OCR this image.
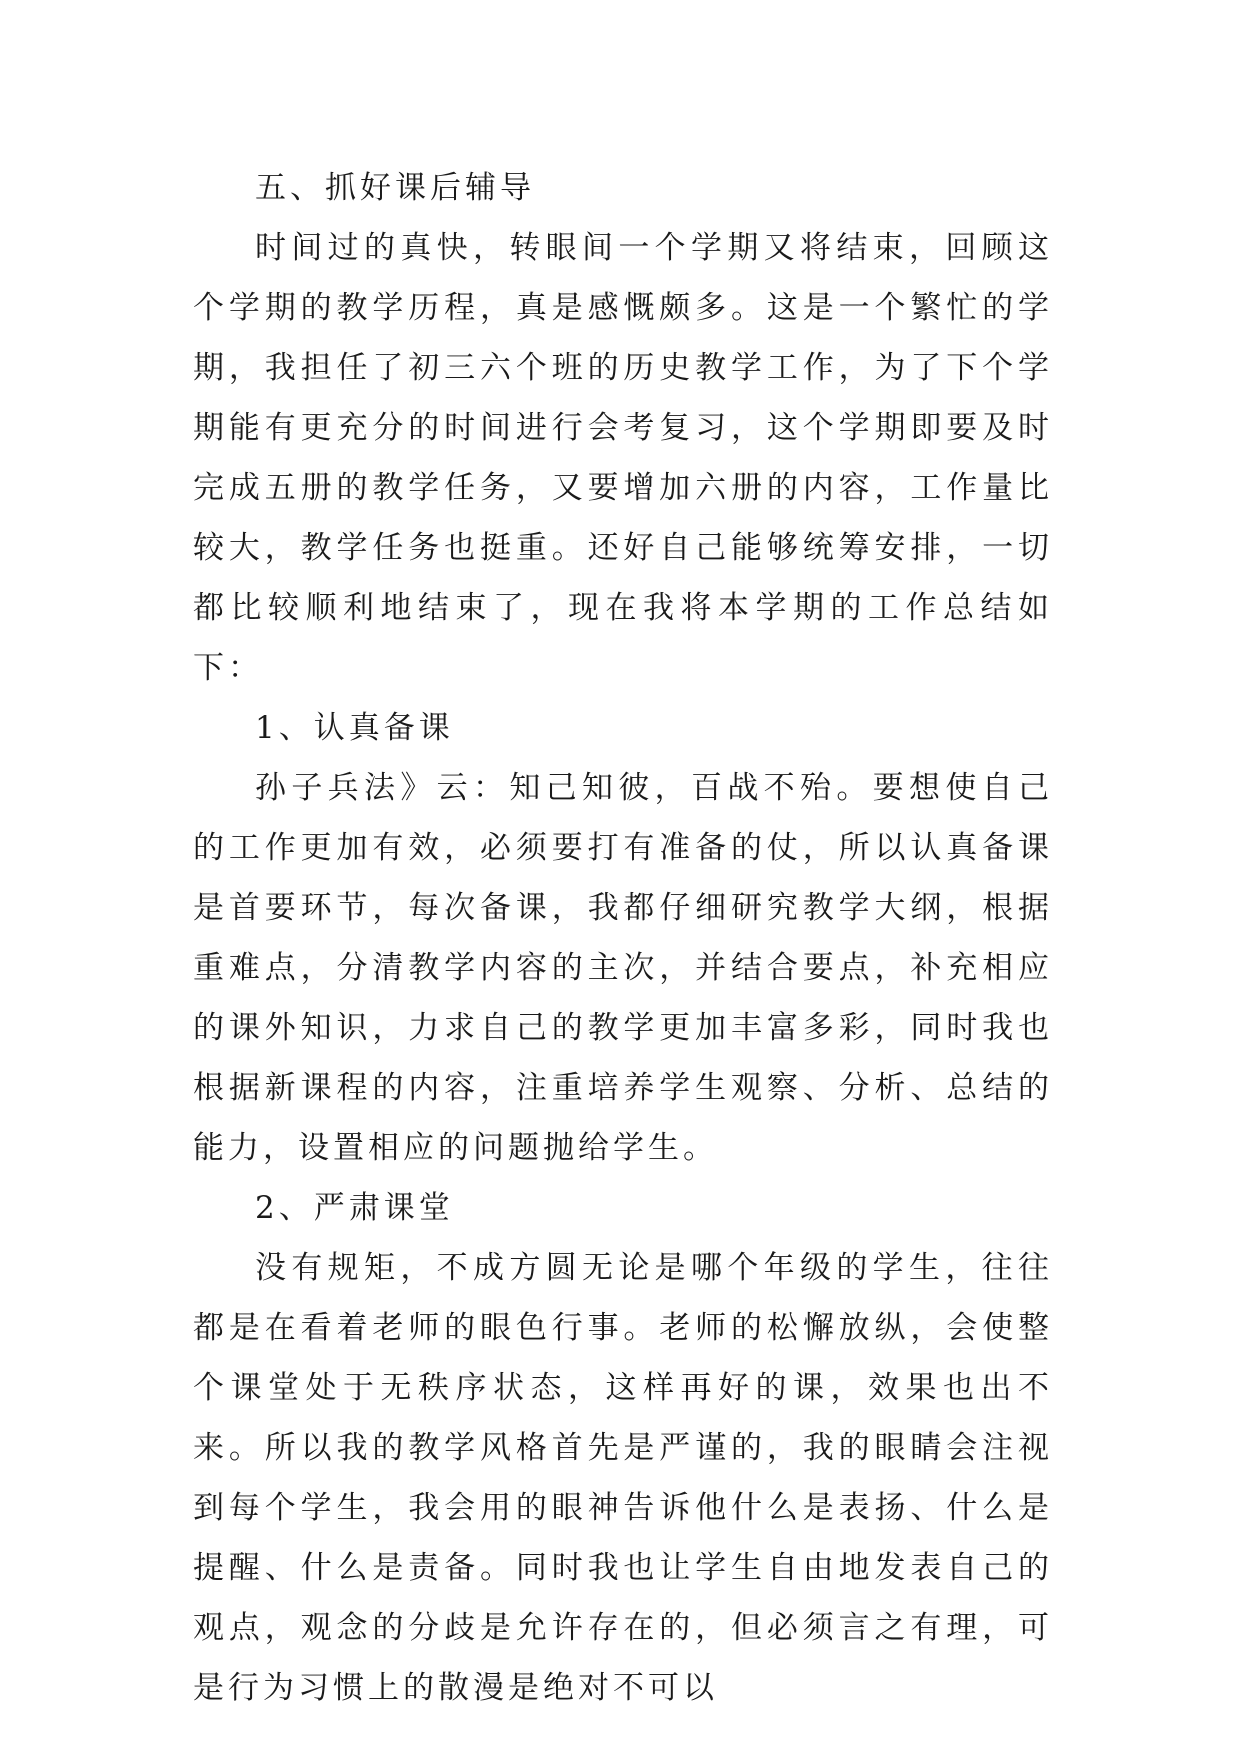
五、抓好课后辅导

时间过的真快，转眼间一个学期又将结束，回顾这个学期的教学历程，真是感慨颇多。这是一个繁忙的学期，我担任了初三六个班的历史教学工作，为了下个学期能有更充分的时间进行会考复习，这个学期即要及时完成五册的教学任务，又要增加六册的内容，工作量比较大，教学任务也挺重。还好自己能够统筹安排，一切都比较顺利地结束了，现在我将本学期的工作总结如下：

1、认真备课

孙子兵法》云：知己知彼，百战不殆。要想使自己的工作更加有效，必须要打有准备的仗，所以认真备课是首要环节，每次备课，我都仔细研究教学大纲，根据重难点，分清教学内容的主次，并结合要点，补充相应的课外知识，力求自己的教学更加丰富多彩，同时我也根据新课程的内容，注重培养学生观察、分析、总结的能力，设置相应的问题抛给学生。

2、严肃课堂

没有规矩，不成方圆无论是哪个年级的学生，往往都是在看着老师的眼色行事。老师的松懈放纵，会使整个课堂处于无秩序状态，这样再好的课，效果也出不来。所以我的教学风格首先是严谨的，我的眼睛会注视到每个学生，我会用的眼神告诉他什么是表扬、什么是提醒、什么是责备。同时我也让学生自由地发表自己的观点，观念的分歧是允许存在的，但必须言之有理，可是行为习惯上的散漫是绝对不可以
